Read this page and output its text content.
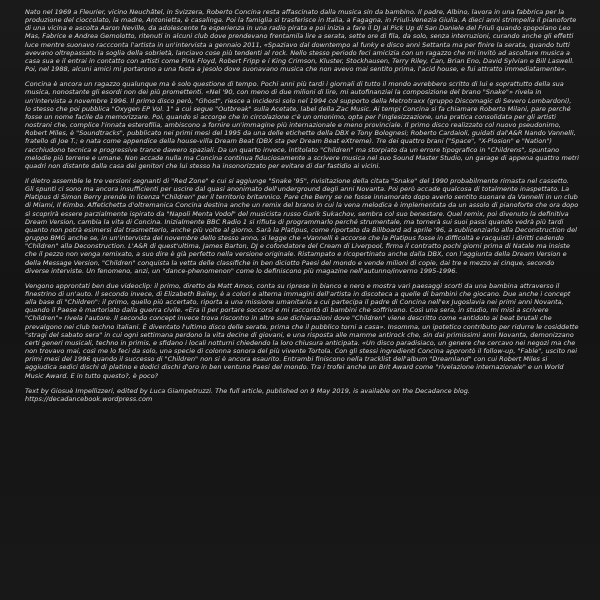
Nato nel 1969 a Fleurier, vicino Neuchâtel, in Svizzera, Roberto Concina resta affascinato dalla musica sin da bambino. Il padre, Albino, lavora in una fabbrica per la produzione del cioccolato, la madre, Antonietta, è casalinga. Poi la famiglia si trasferisce in Italia, a Fagagna, in Friuli-Venezia Giulia. A dieci anni strimpella il pianoforte di una vicina e ascolta Aaron Neville, da adolescente fa esperienza in una radio pirata e poi inizia a fare il DJ al Pick Up di San Daniele del Friuli quando spopolano Leo Mas, Fabrice e Andrea Gemolotto, ritenuti in alcuni club dove prendevano frentamila lire a serata, sette ore di fila, da solo, senza interruzioni, curando anche gli effetti luce mentre suonavo raccconta l'artista in un'intervista a gennaio 2011, «Spaziavo dal downtempo al funky e disco anni Settanta ma per finire la serata, quando tutti avevano oltrepassato la soglia della sobrietà, lanciavo cose più tendenti al rock. Nello stesso periodo feci amicizia con un ragazzo che mi invitò ad ascoltare musica a casa sua e il entrai in contatto con artisti come Pink Floyd, Robert Fripp e i King Crimson, Kluster, Stockhausen, Terry Riley, Can, Brian Eno, David Sylvian e Bill Laswell. Poi, nel 1988, alcuni amici mi portarono a una festa a Jesolo dove suonavano musica che non avevo mai sentito prima, l'acid house, e fui attratto immediatamente».

Concina è ancora un ragazzo qualunque ma è solo questione di tempo. Pochi anni più tardi i giornali di tutto il mondo avrebbero scritto di lui e soprattutto della sua musica, nonostante gli esordi non dei più promettenti. «Nel '90, con meno di due milioni di lire, mi autofinanziai la composizione del brano "Snake"» rivela in un'intervista a novembre 1996. Il primo disco però, "Ghost", riesce a incidersi solo nel 1994 col supporto della Metrotraxx (gruppo Discomagic di Severo Lombardoni), lo stesso che poi pubblica "Oxygen EP Vol. 1" a cui segue "Outbreak" sulla Acetate, label della Zac Music. Ai tempi Concina si fa chiamare Roberto Milani, pare perché fosse un nome facile da memorizzare. Poi, quando si accorge che in circolazione c'è un omonimo, opta per l'inglesizzazione, una pratica consolidata per gli artisti nostrani che, complice l'innata esterofilia, ambiscono a fornire un'immagine più internazionale e meno provinciale. Il primo disco realizzato col nuovo pseudonimo, Robert Miles, è "Soundtracks", pubblicato nei primi mesi del 1995 da una delle etichette della DBX e Tony Bolognesi; Roberto Cardaioli, guidati dal'A&R Nando Vannelli, fratello di Joe T.; e nata come appendice della house-villa Dream Beat (DBX sta per Dream Beat eXtreme). Tre dei quattro brani ("Space", "X-Plosion" e "Nation") racchiudono tecnica e progressive trance dawero spaziali. Da un quarto invece, intitolato "Children" ma storpiato da un errore tipografico in "Childrens", spuntano melodie più terrene e umane. Non accade nulla ma Concina continua fiduciosamente a scrivere musica nel suo Sound Master Studio, un garage di appena quattro metri quadri non distante dalla casa dei genitori che lui stesso ha insonorizzato per evitare di dar fastidio ai vicini.

Il dietro assemble le tre versioni segnanti di "Red Zone" e cui si aggiunge "Snake '95", rivisitazione della citata "Snake" del 1990 probabilmente rimasta nel cassetto. Gli spunti ci sono ma ancora insufficienti per uscire dal quasi anonimato dell'underground degli anni Novanta. Poi però accade qualcosa di totalmente inaspettato. La Platipus di Simon Berry prende in licenza "Children" per il territorio britannico. Pare che Berry se ne fosse innamorato dopo averlo sentito suonare da Vannelli in un club di Miami, Il Kimbo. Affetichetta d'oltremanica Concina destina anche un remix del brano in cui la vena melodica è implementata da un assolo di pianoforte che ora dopo sì scoprirà essere parzialmente ispirato da "Napoli Menta Vodol" del musicista russo Garik Sukachov, sembra col suo benestare. Quel remix, poi divenuto la definitiva Dream Version, cambia la vita di Concina. Inizialmente BBC Radio 1 si rifiuta di programmarlo perché strumentale, ma tornerà sui suoi passi quando vedrà più tardi quanto non potrà esimersi dal trasmetterlo, anche più volte al giorno. Sarà la Platipus, come riportato da Billboard ad aprile '96, a sublicenziarlo alla Deconstruction del gruppo BMG anche se, in un'intervista del novembre dello stesso anno, si legge che «Vannelli è accorse che la Platipus fosse in difficoltà e racquisti i diritti cedendo "Children" alla Deconstruction. L'A&R di quest'ultima, James Barton, DJ e cofondatore del Cream di Liverpool, firma il contratto pochi giorni prima di Natale ma insiste che il pezzo non venga remixato, a suo dire è già perfetto nella versione originale. Ristampato e ricopertinato anche dalla DBX, con l'aggiunta della Dream Version e della Message Version, "Children" conquista la vetta delle classifiche in ben diciotto Paesi del mondo e vende milioni di copie, dai tre e mezzo ai cinque, secondo diverse interviste. Un fenomeno, anzi, un "dance-phenomenon" come lo definiscono più magazine nell'autunno/inverno 1995-1996.

Vengono approntati ben due videoclip: il primo, diretto da Matt Amos, conta su riprese in bianco e nero e mostra vari paesaggi scorti da una bambina attraverso il finestrino di un'auto. Il secondo invece, di Elizabeth Bailey, è a colori e alterna immagini dell'artista in discoteca a quelle di bambini che giocano. Due anche i concept alla base di "Children": il primo, quello più accertato, riporta a una missione umanitaria a cui partecipa il padre di Concina nell'ex Jugoslavia nei primi anni Novanta, quando il Paese è martoriato dalla guerra civile. «Era il per portare soccorsi e mi raccontò di bambini che soffrivano. Così una sera, in studio, mi misi a scrivere "Children"» rivela l'autore. Il secondo concept invece trova riscontro in altre sue dichiarazioni dove "Children" viene descritto come «antidoto ai beat brutali che prevalgono nei club techno italiani. È diventato l'ultimo disco delle serate, prima che il pubblico torni a casa». Insomma, un ipotetico contributo per ridurre le cosiddette "stragi del sabato sera" in cui ogni settimana perdono la vita decine di giovani, e una risposta alle mamme antirock che, sin dai primissimi anni Novanta, demonizzano certi generi musicali, techno in primis, e sfidano i locali notturni chiedendo la loro chiusura anticipata. «Un disco paradisiaco, un genere che cercavo nei negozi ma che non trovavo mai, così me lo feci da solo, una specie di colonna sonora del più vivente Tortola. Con gli stessi ingredienti Concina approntò il follow-up, "Fable", uscito nei primi mesi del 1996 quando il successo di "Children" non si è ancora esaurito. Entrambi finiscono nella tracklist dell'album "Dreamland" con cui Robert Miles si aggiudica sedici dischi di platino e dodici dischi d'oro in ben ventuno Paesi del mondo. Tra i trofei anche un Brit Award come "rivelazione internazionale" e un World Music Award. E in tutto questo?, è poco?

Text by Giosuè Impellizzeri, edited by Luca Giampetruzzi. The full article, published on 9 May 2019, is available on the Decadance blog.

https://decadancebook.wordpress.com
